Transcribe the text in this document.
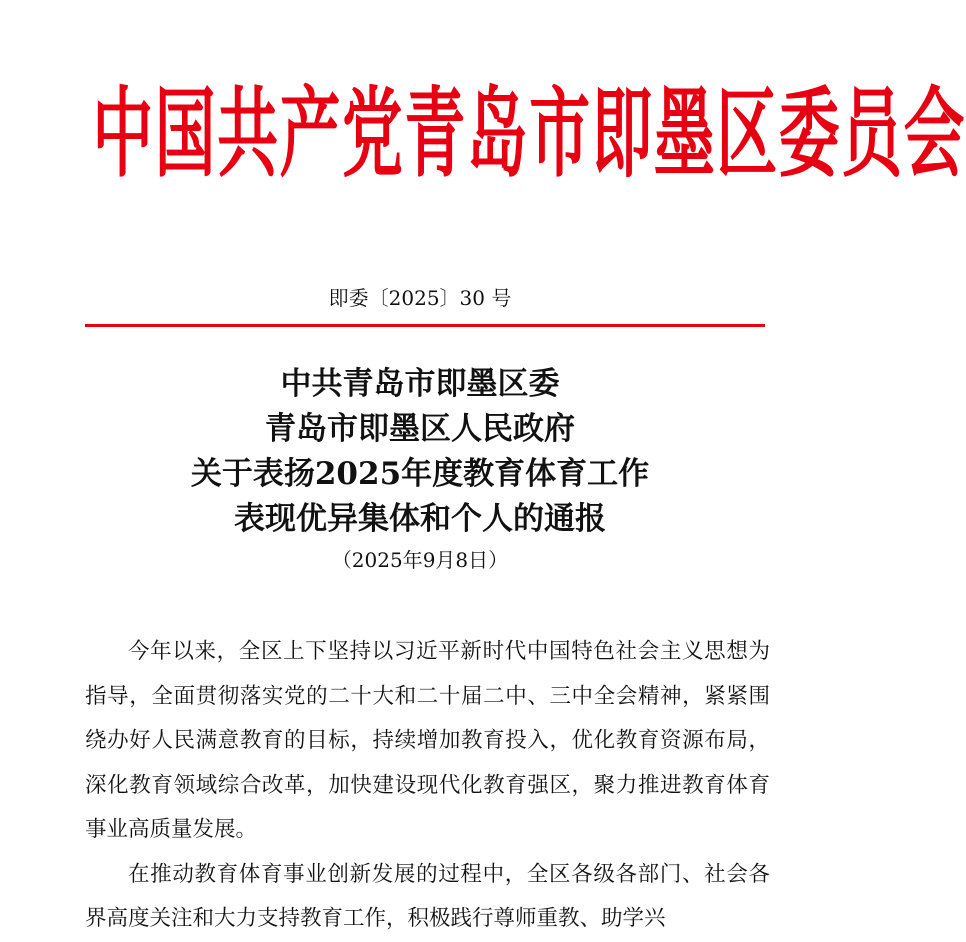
中国共产党青岛市即墨区委员会
即委〔2025〕30 号
中共青岛市即墨区委
青岛市即墨区人民政府
关于表扬2025年度教育体育工作
表现优异集体和个人的通报
（2025年9月8日）

今年以来，全区上下坚持以习近平新时代中国特色社会主义思想为指导，全面贯彻落实党的二十大和二十届二中、三中全会精神，紧紧围绕办好人民满意教育的目标，持续增加教育投入，优化教育资源布局，深化教育领域综合改革，加快建设现代化教育强区，聚力推进教育体育事业高质量发展。

在推动教育体育事业创新发展的过程中，全区各级各部门、社会各界高度关注和大力支持教育工作，积极践行尊师重教、助学兴
